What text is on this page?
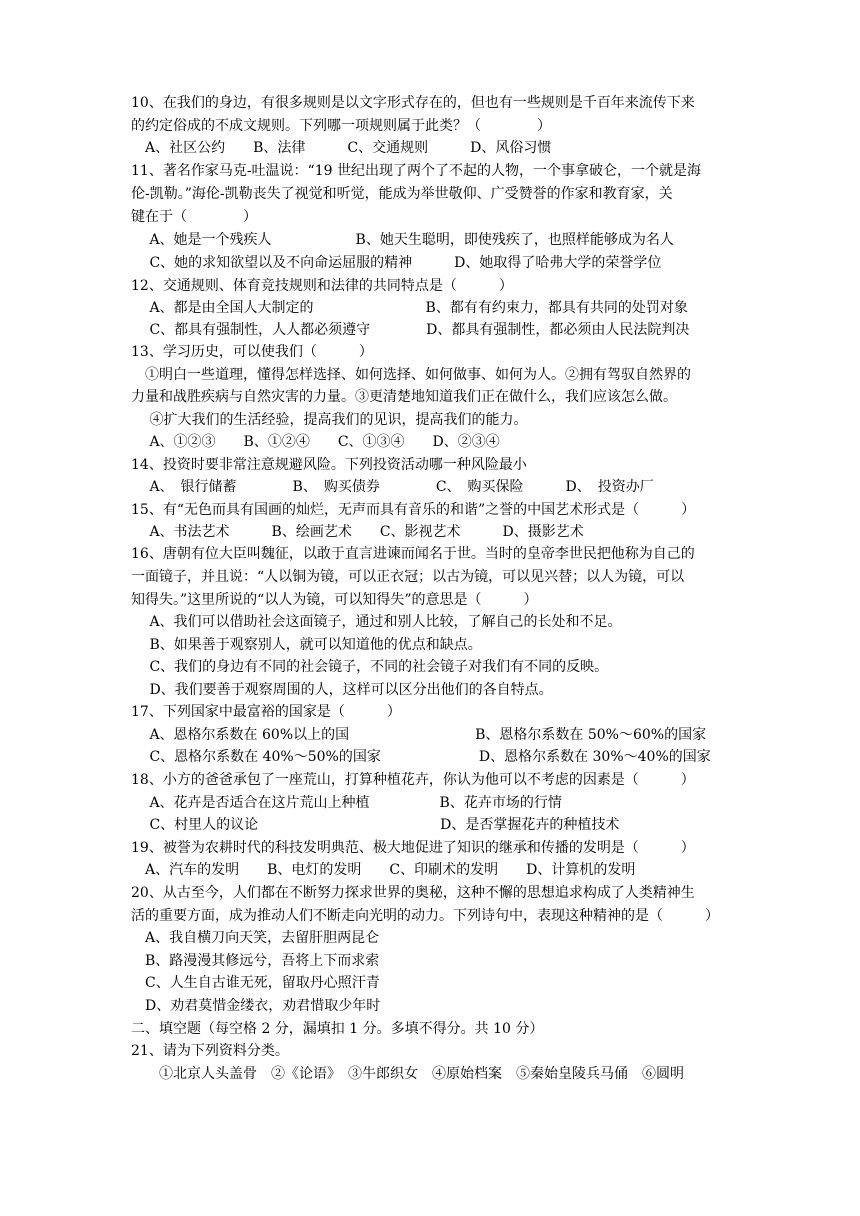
10、在我们的身边，有很多规则是以文字形式存在的，但也有一些规则是千百年来流传下来
的约定俗成的不成文规则。下列哪一项规则属于此类？（　　　　）
　A、社区公约　　B、法律　　　C、交通规则　　　D、风俗习惯
11、著名作家马克-吐温说：“19 世纪出现了两个了不起的人物，一个事拿破仑，一个就是海
伦-凯勒。”海伦-凯勒丧失了视觉和听觉，能成为举世敬仰、广受赞誉的作家和教育家，关
键在于（　　　　）
　 A、她是一个残疾人　　　　　　B、她天生聪明，即使残疾了，也照样能够成为名人
　 C、她的求知欲望以及不向命运屈服的精神　　　D、她取得了哈弗大学的荣誉学位
12、交通规则、体育竞技规则和法律的共同特点是（　　　）
　 A、都是由全国人大制定的　　　　　　　　B、都有有约束力，都具有共同的处罚对象
　 C、都具有强制性，人人都必须遵守　　　　D、都具有强制性，都必须由人民法院判决
13、学习历史，可以使我们（　　　）
　①明白一些道理，懂得怎样选择、如何选择、如何做事、如何为人。②拥有驾驭自然界的
力量和战胜疾病与自然灾害的力量。③更清楚地知道我们正在做什么，我们应该怎么做。
　 ④扩大我们的生活经验，提高我们的见识，提高我们的能力。
　 A、①②③　　B、①②④　　C、①③④　　D、②③④
14、投资时要非常注意规避风险。下列投资活动哪一种风险最小
　 A、　银行储蓄　　　　B、　购买债券　　　　C、　购买保险　　　D、　投资办厂
15、有“无色而具有国画的灿烂，无声而具有音乐的和谐”之誉的中国艺术形式是（　　　）
　 A、书法艺术　　　B、绘画艺术　　C、影视艺术　　　D、摄影艺术
16、唐朝有位大臣叫魏征，以敢于直言进谏而闻名于世。当时的皇帝李世民把他称为自己的
一面镜子，并且说：“人以铜为镜，可以正衣冠；以古为镜，可以见兴替；以人为镜，可以
知得失。”这里所说的“以人为镜，可以知得失”的意思是（　　　）
　 A、我们可以借助社会这面镜子，通过和别人比较，了解自己的长处和不足。
　 B、如果善于观察别人，就可以知道他的优点和缺点。
　 C、我们的身边有不同的社会镜子，不同的社会镜子对我们有不同的反映。
　 D、我们要善于观察周围的人，这样可以区分出他们的各自特点。
17、下列国家中最富裕的国家是（　　　）
　 A、恩格尔系数在 60%以上的国　　　　　　　　　B、恩格尔系数在 50%～60%的国家
　 C、恩格尔系数在 40%～50%的国家　　　　　　　D、恩格尔系数在 30%～40%的国家
18、小方的爸爸承包了一座荒山，打算种植花卉，你认为他可以不考虑的因素是（　　　）
　 A、花卉是否适合在这片荒山上种植　　　　　B、花卉市场的行情
　 C、村里人的议论　　　　　　　　　　　　　D、是否掌握花卉的种植技术
19、被誉为农耕时代的科技发明典范、极大地促进了知识的继承和传播的发明是（　　　）
　A、汽车的发明　　B、电灯的发明　　C、印刷术的发明　　D、计算机的发明
20、从古至今，人们都在不断努力探求世界的奥秘，这种不懈的思想追求构成了人类精神生
活的重要方面，成为推动人们不断走向光明的动力。下列诗句中，表现这种精神的是（　　　）
　A、我自横刀向天笑，去留肝胆两昆仑
　B、路漫漫其修远兮，吾将上下而求索
　C、人生自古谁无死，留取丹心照汗青
　D、劝君莫惜金缕衣，劝君惜取少年时
二、填空题（每空格 2 分，漏填扣 1 分。多填不得分。共 10 分）
21、请为下列资料分类。
　　①北京人头盖骨　②《论语》　③牛郎织女　④原始档案　⑤秦始皇陵兵马俑　⑥圆明
